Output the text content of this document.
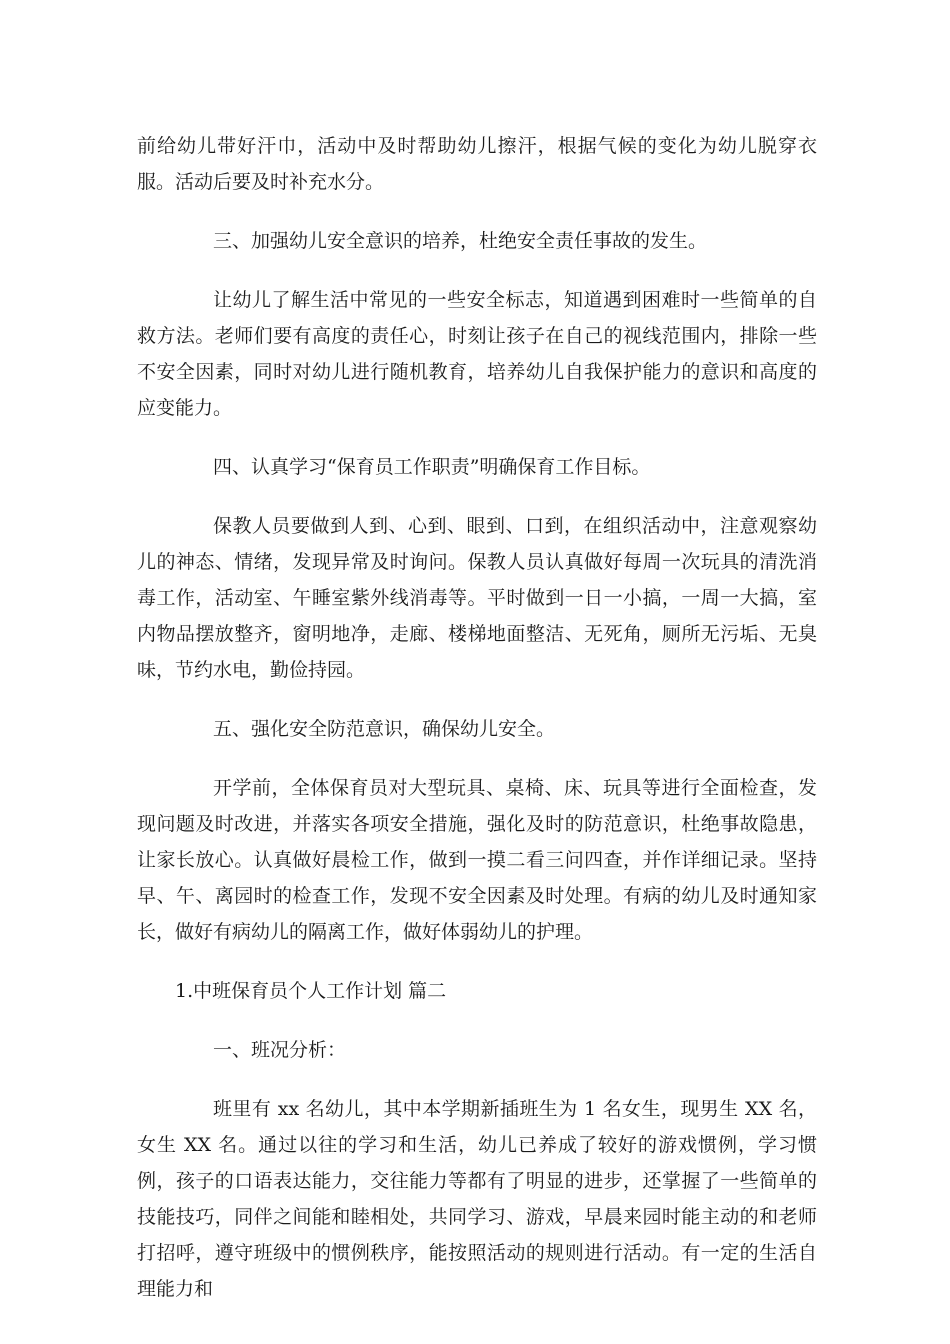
前给幼儿带好汗巾，活动中及时帮助幼儿擦汗，根据气候的变化为幼儿脱穿衣服。活动后要及时补充水分。

三、加强幼儿安全意识的培养，杜绝安全责任事故的发生。

让幼儿了解生活中常见的一些安全标志，知道遇到困难时一些简单的自救方法。老师们要有高度的责任心，时刻让孩子在自己的视线范围内，排除一些不安全因素，同时对幼儿进行随机教育，培养幼儿自我保护能力的意识和高度的应变能力。

四、认真学习“保育员工作职责”明确保育工作目标。

保教人员要做到人到、心到、眼到、口到，在组织活动中，注意观察幼儿的神态、情绪，发现异常及时询问。保教人员认真做好每周一次玩具的清洗消毒工作，活动室、午睡室紫外线消毒等。平时做到一日一小搞，一周一大搞，室内物品摆放整齐，窗明地净，走廊、楼梯地面整洁、无死角，厕所无污垢、无臭味，节约水电，勤俭持园。

五、强化安全防范意识，确保幼儿安全。

开学前，全体保育员对大型玩具、桌椅、床、玩具等进行全面检查，发现问题及时改进，并落实各项安全措施，强化及时的防范意识，杜绝事故隐患，让家长放心。认真做好晨检工作，做到一摸二看三问四查，并作详细记录。坚持早、午、离园时的检查工作，发现不安全因素及时处理。有病的幼儿及时通知家长，做好有病幼儿的隔离工作，做好体弱幼儿的护理。

1.中班保育员个人工作计划 篇二

一、班况分析：

班里有 xx 名幼儿，其中本学期新插班生为 1 名女生，现男生 XX 名，女生 XX 名。通过以往的学习和生活，幼儿已养成了较好的游戏惯例，学习惯例，孩子的口语表达能力，交往能力等都有了明显的进步，还掌握了一些简单的技能技巧，同伴之间能和睦相处，共同学习、游戏，早晨来园时能主动的和老师打招呼，遵守班级中的惯例秩序，能按照活动的规则进行活动。有一定的生活自理能力和
